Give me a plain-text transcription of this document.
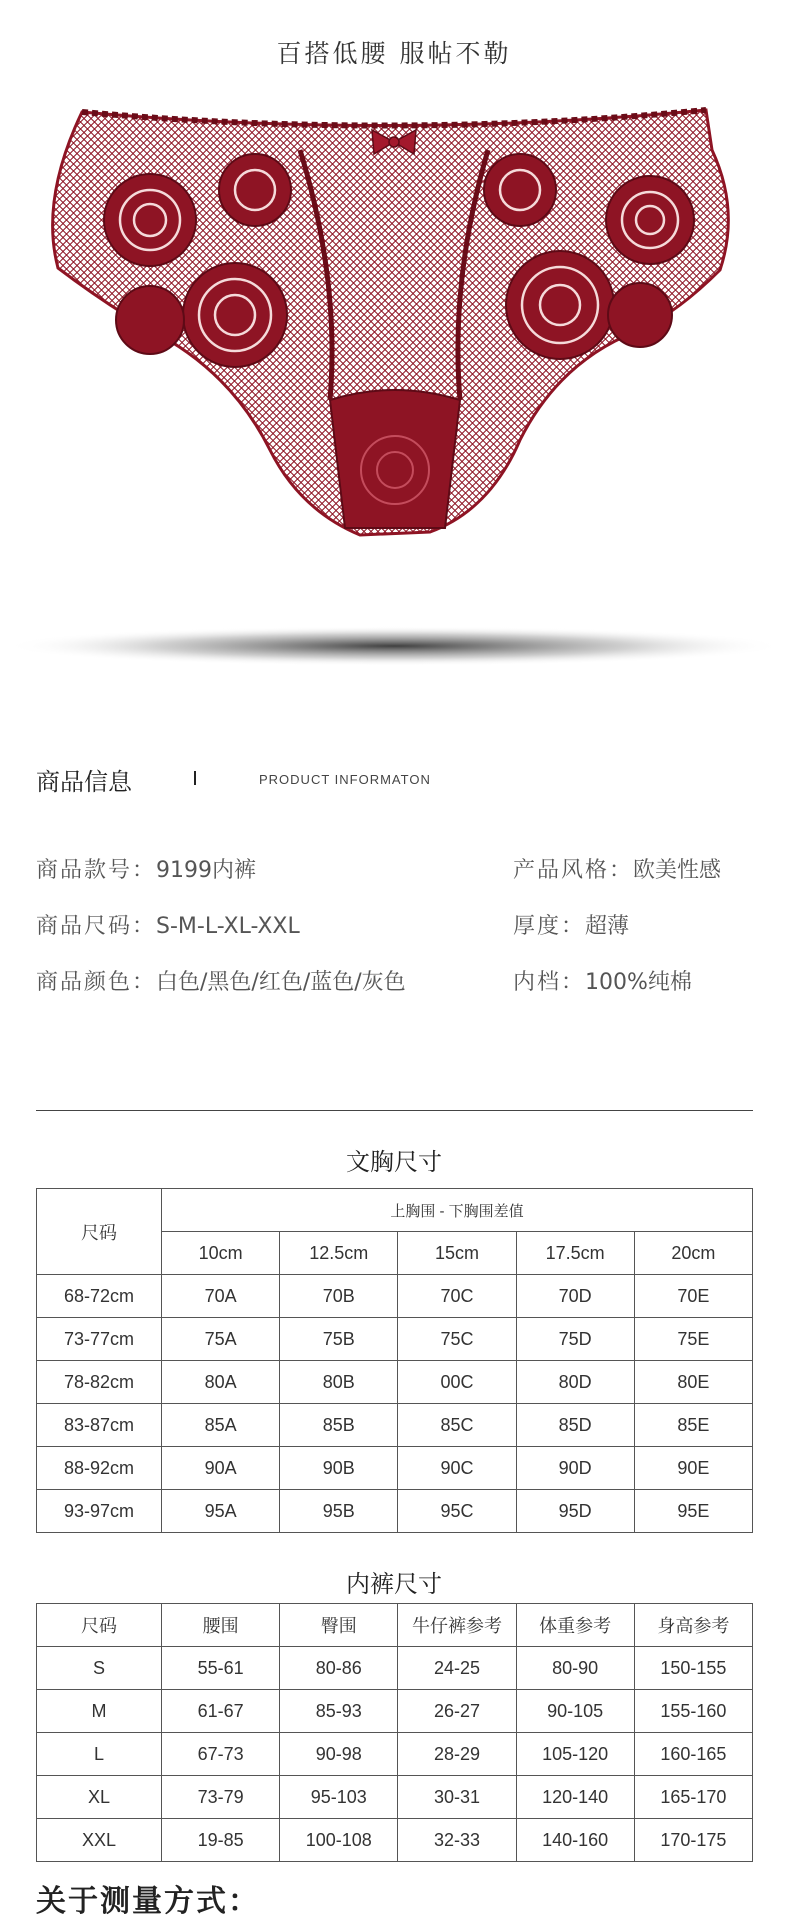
百搭低腰 服帖不勒
商品信息	PRODUCT INFORMATON
商品款号：9199内裤
商品尺码：S-M-L-XL-XXL
商品颜色：白色/黑色/红色/蓝色/灰色
产品风格：欧美性感
厚度：超薄
内档：100%纯棉
文胸尺寸
尺码	上胸围 - 下胸围差值				
	10cm	12.5cm	15cm	17.5cm	20cm
68-72cm	70A	70B	70C	70D	70E
73-77cm	75A	75B	75C	75D	75E
78-82cm	80A	80B	00C	80D	80E
83-87cm	85A	85B	85C	85D	85E
88-92cm	90A	90B	90C	90D	90E
93-97cm	95A	95B	95C	95D	95E
内裤尺寸
尺码	腰围	臀围	牛仔裤参考	体重参考	身高参考
S	55-61	80-86	24-25	80-90	150-155
M	61-67	85-93	26-27	90-105	155-160
L	67-73	90-98	28-29	105-120	160-165
XL	73-79	95-103	30-31	120-140	165-170
XXL	19-85	100-108	32-33	140-160	170-175
关于测量方式：
